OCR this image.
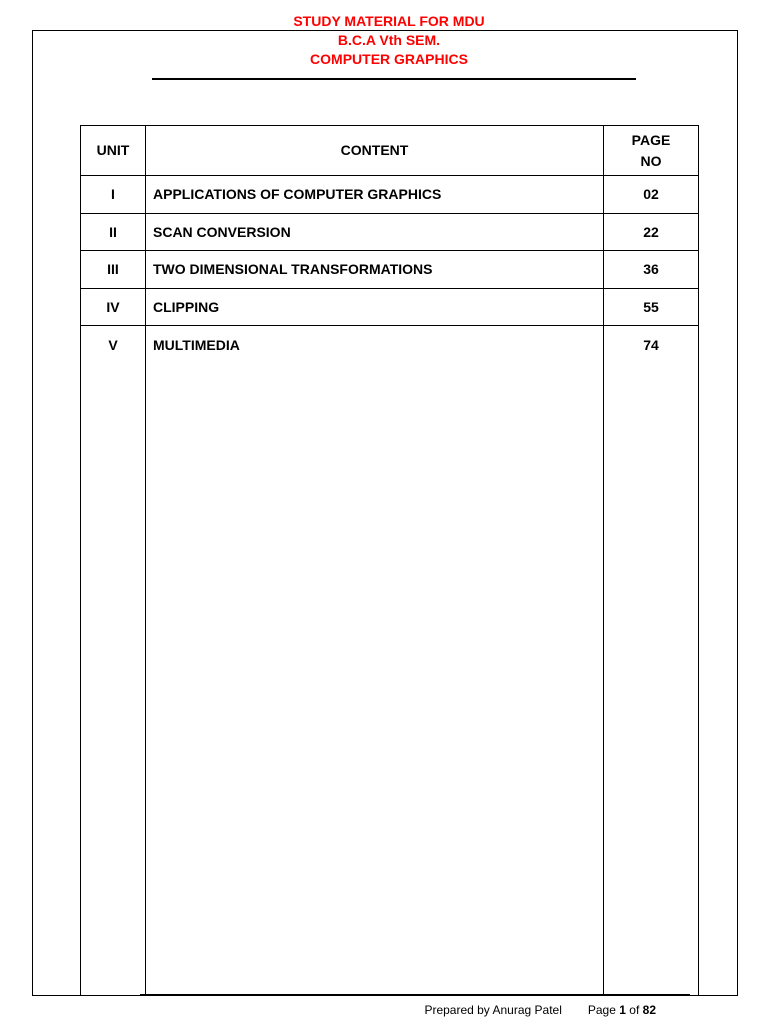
STUDY MATERIAL FOR MDU
B.C.A Vth SEM.
COMPUTER GRAPHICS
UNIT	CONTENT	PAGE
NO
I	APPLICATIONS OF COMPUTER GRAPHICS	02
II	SCAN CONVERSION	22
III	TWO DIMENSIONAL TRANSFORMATIONS	36
IV	CLIPPING	55
V	MULTIMEDIA	74

Prepared by Anurag Patel Page 1 of 82
